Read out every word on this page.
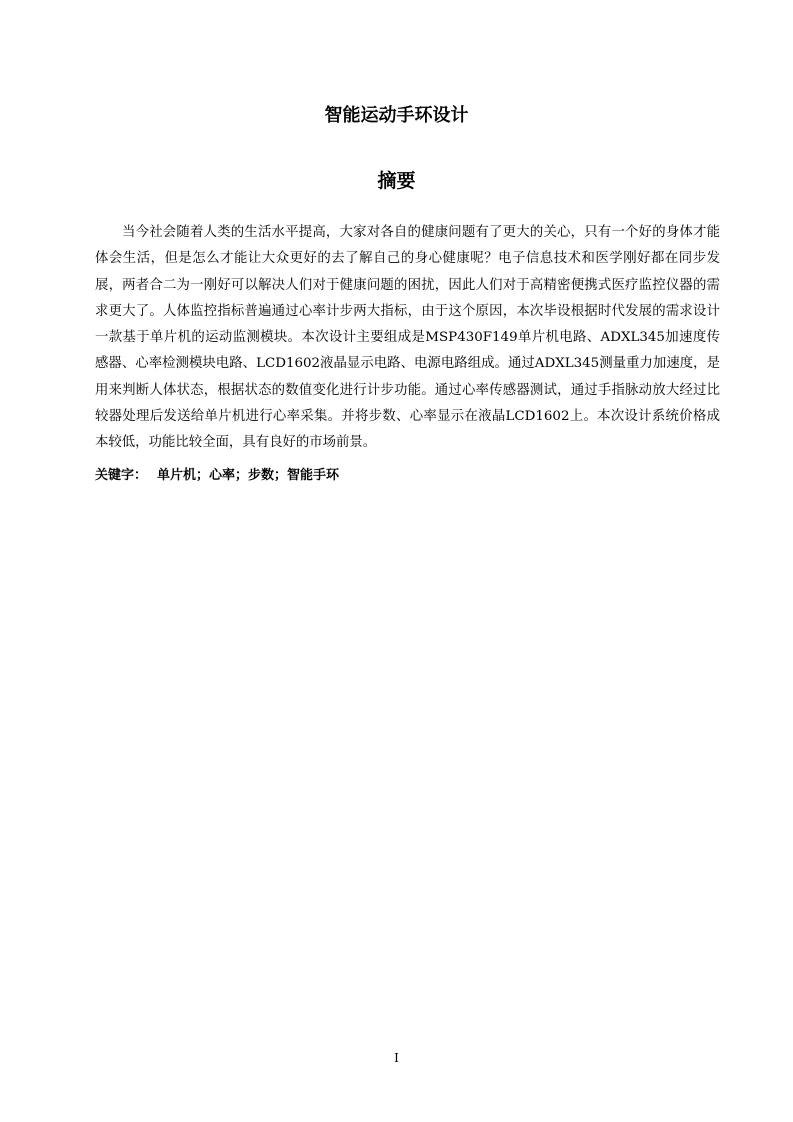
智能运动手环设计
摘要

当今社会随着人类的生活水平提高，大家对各自的健康问题有了更大的关心，只有一个好的身体才能体会生活，但是怎么才能让大众更好的去了解自己的身心健康呢？电子信息技术和医学刚好都在同步发展，两者合二为一刚好可以解决人们对于健康问题的困扰，因此人们对于高精密便携式医疗监控仪器的需求更大了。人体监控指标普遍通过心率计步两大指标，由于这个原因，本次毕设根据时代发展的需求设计一款基于单片机的运动监测模块。本次设计主要组成是MSP430F149单片机电路、ADXL345加速度传感器、心率检测模块电路、LCD1602液晶显示电路、电源电路组成。通过ADXL345测量重力加速度，是用来判断人体状态，根据状态的数值变化进行计步功能。通过心率传感器测试，通过手指脉动放大经过比较器处理后发送给单片机进行心率采集。并将步数、心率显示在液晶LCD1602上。本次设计系统价格成本较低，功能比较全面，具有良好的市场前景。

关键字： 单片机；心率；步数；智能手环
I
